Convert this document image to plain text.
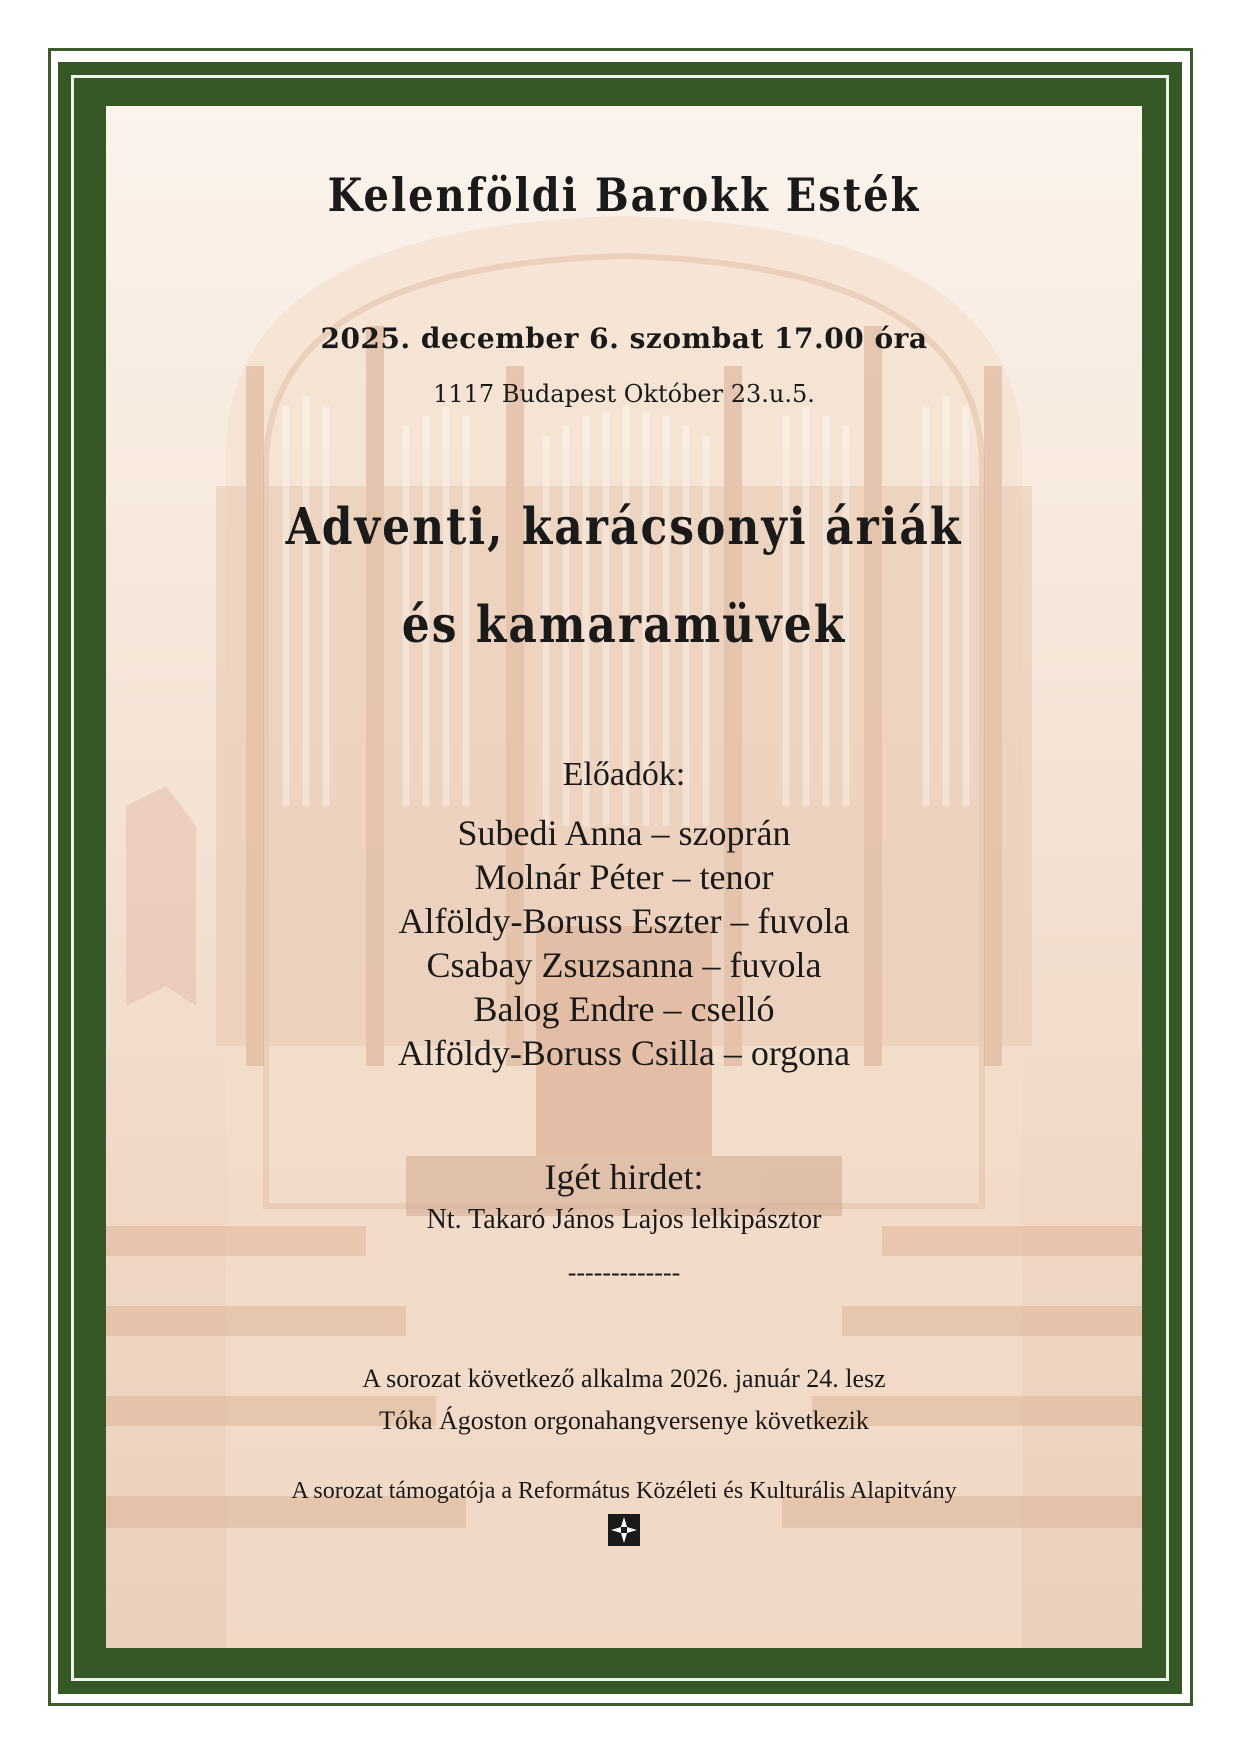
Kelenföldi Barokk Esték
2025. december 6. szombat 17.00 óra
1117 Budapest Október 23.u.5.
Adventi, karácsonyi áriák
és kamaramüvek
Előadók:
Subedi Anna – szoprán
Molnár Péter – tenor
Alföldy-Boruss Eszter – fuvola
Csabay Zsuzsanna – fuvola
Balog Endre – cselló
Alföldy-Boruss Csilla – orgona
Igét hirdet:
Nt. Takaró János Lajos lelkipásztor
-------------
A sorozat következő alkalma 2026. január 24. lesz
Tóka Ágoston orgonahangversenye következik
A sorozat támogatója a Református Közéleti és Kulturális Alapitvány
